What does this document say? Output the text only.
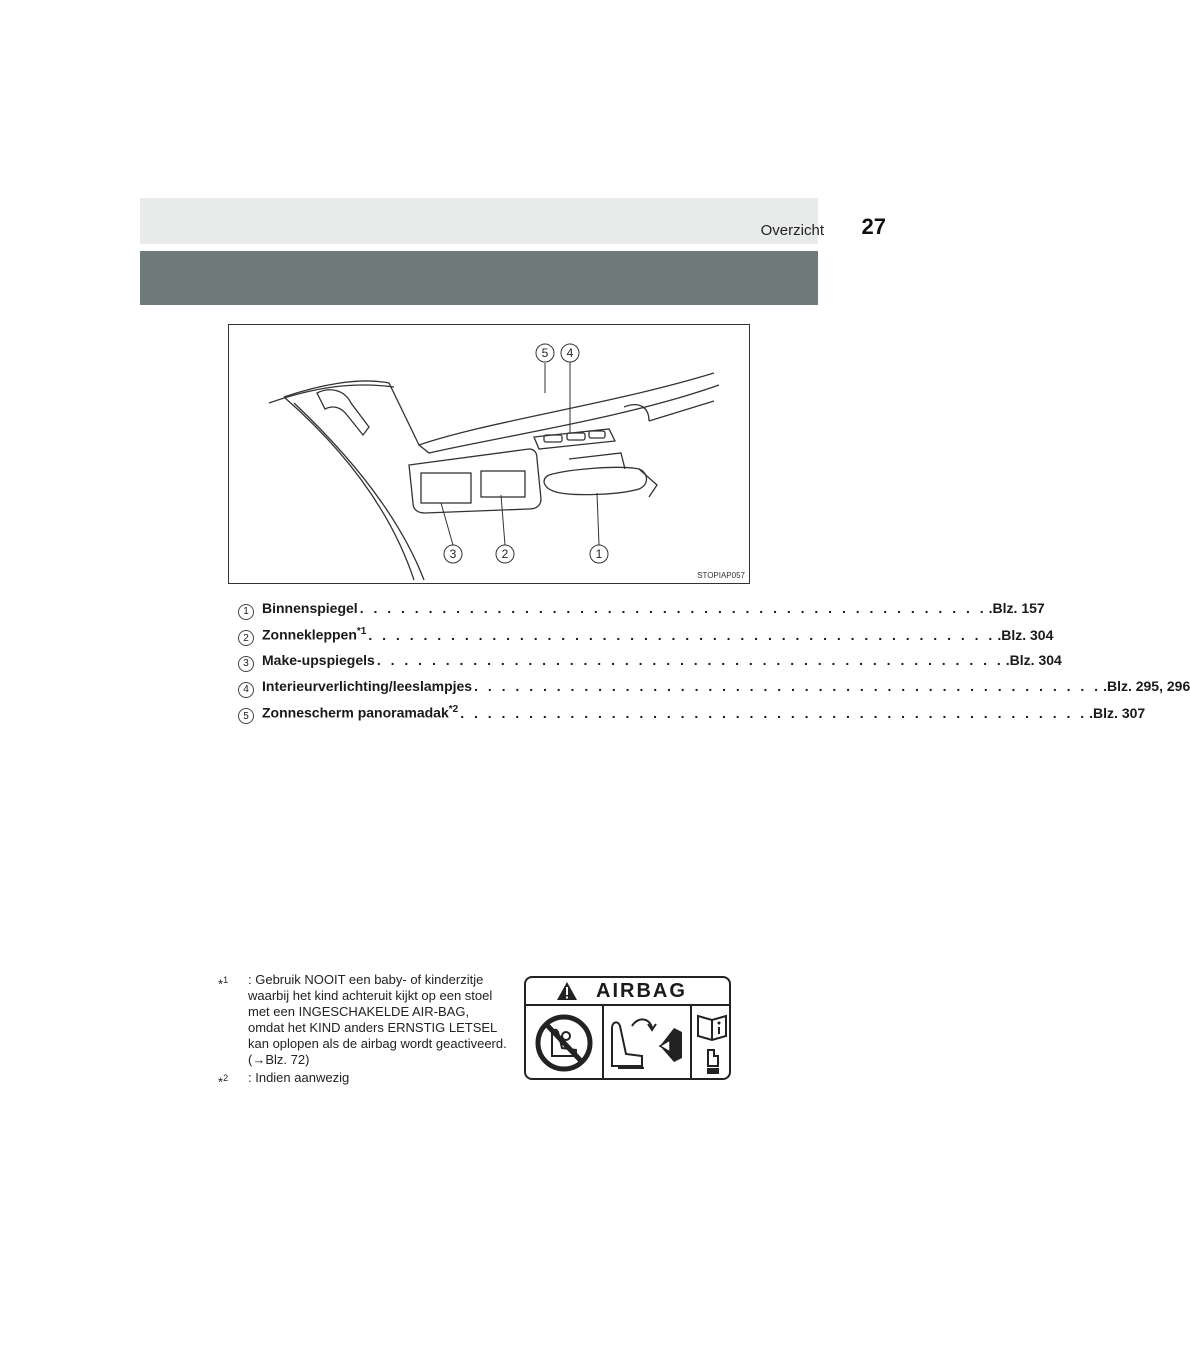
Overzicht 27
5 4
3	2	1
STOPIAP057
1 Binnenspiegel . . . . . . . . . . . . . . . . . . . . . . . . . . . . . . . . . . . . . . . . . . . . . . .Blz. 157
2 Zonnekleppen$^{*1}$ . . . . . . . . . . . . . . . . . . . . . . . . . . . . . . . . . . . . . . . . . . . . . . .Blz. 304
3 Make-upspiegels . . . . . . . . . . . . . . . . . . . . . . . . . . . . . . . . . . . . . . . . . . . . . . .Blz. 304
4 Interieurverlichting/leeslampjes . . . . . . . . . . . . . . . . . . . . . . . . . . . . . . . . . . . . . . . . . . . . . . .Blz. 295, 296
5 Zonnescherm panoramadak$^{*2}$ . . . . . . . . . . . . . . . . . . . . . . . . . . . . . . . . . . . . . . . . . . . . . . .Blz. 307
*$^1$	: Gebruik NOOIT een baby- of kinderzitje waarbij het kind achteruit kijkt op een stoel met een INGESCHAKELDE AIR-BAG, omdat het KIND anders ERNSTIG LETSEL kan oplopen als de airbag wordt geactiveerd. (→Blz. 72)
*$^2$	: Indien aanwezig
AIRBAG
